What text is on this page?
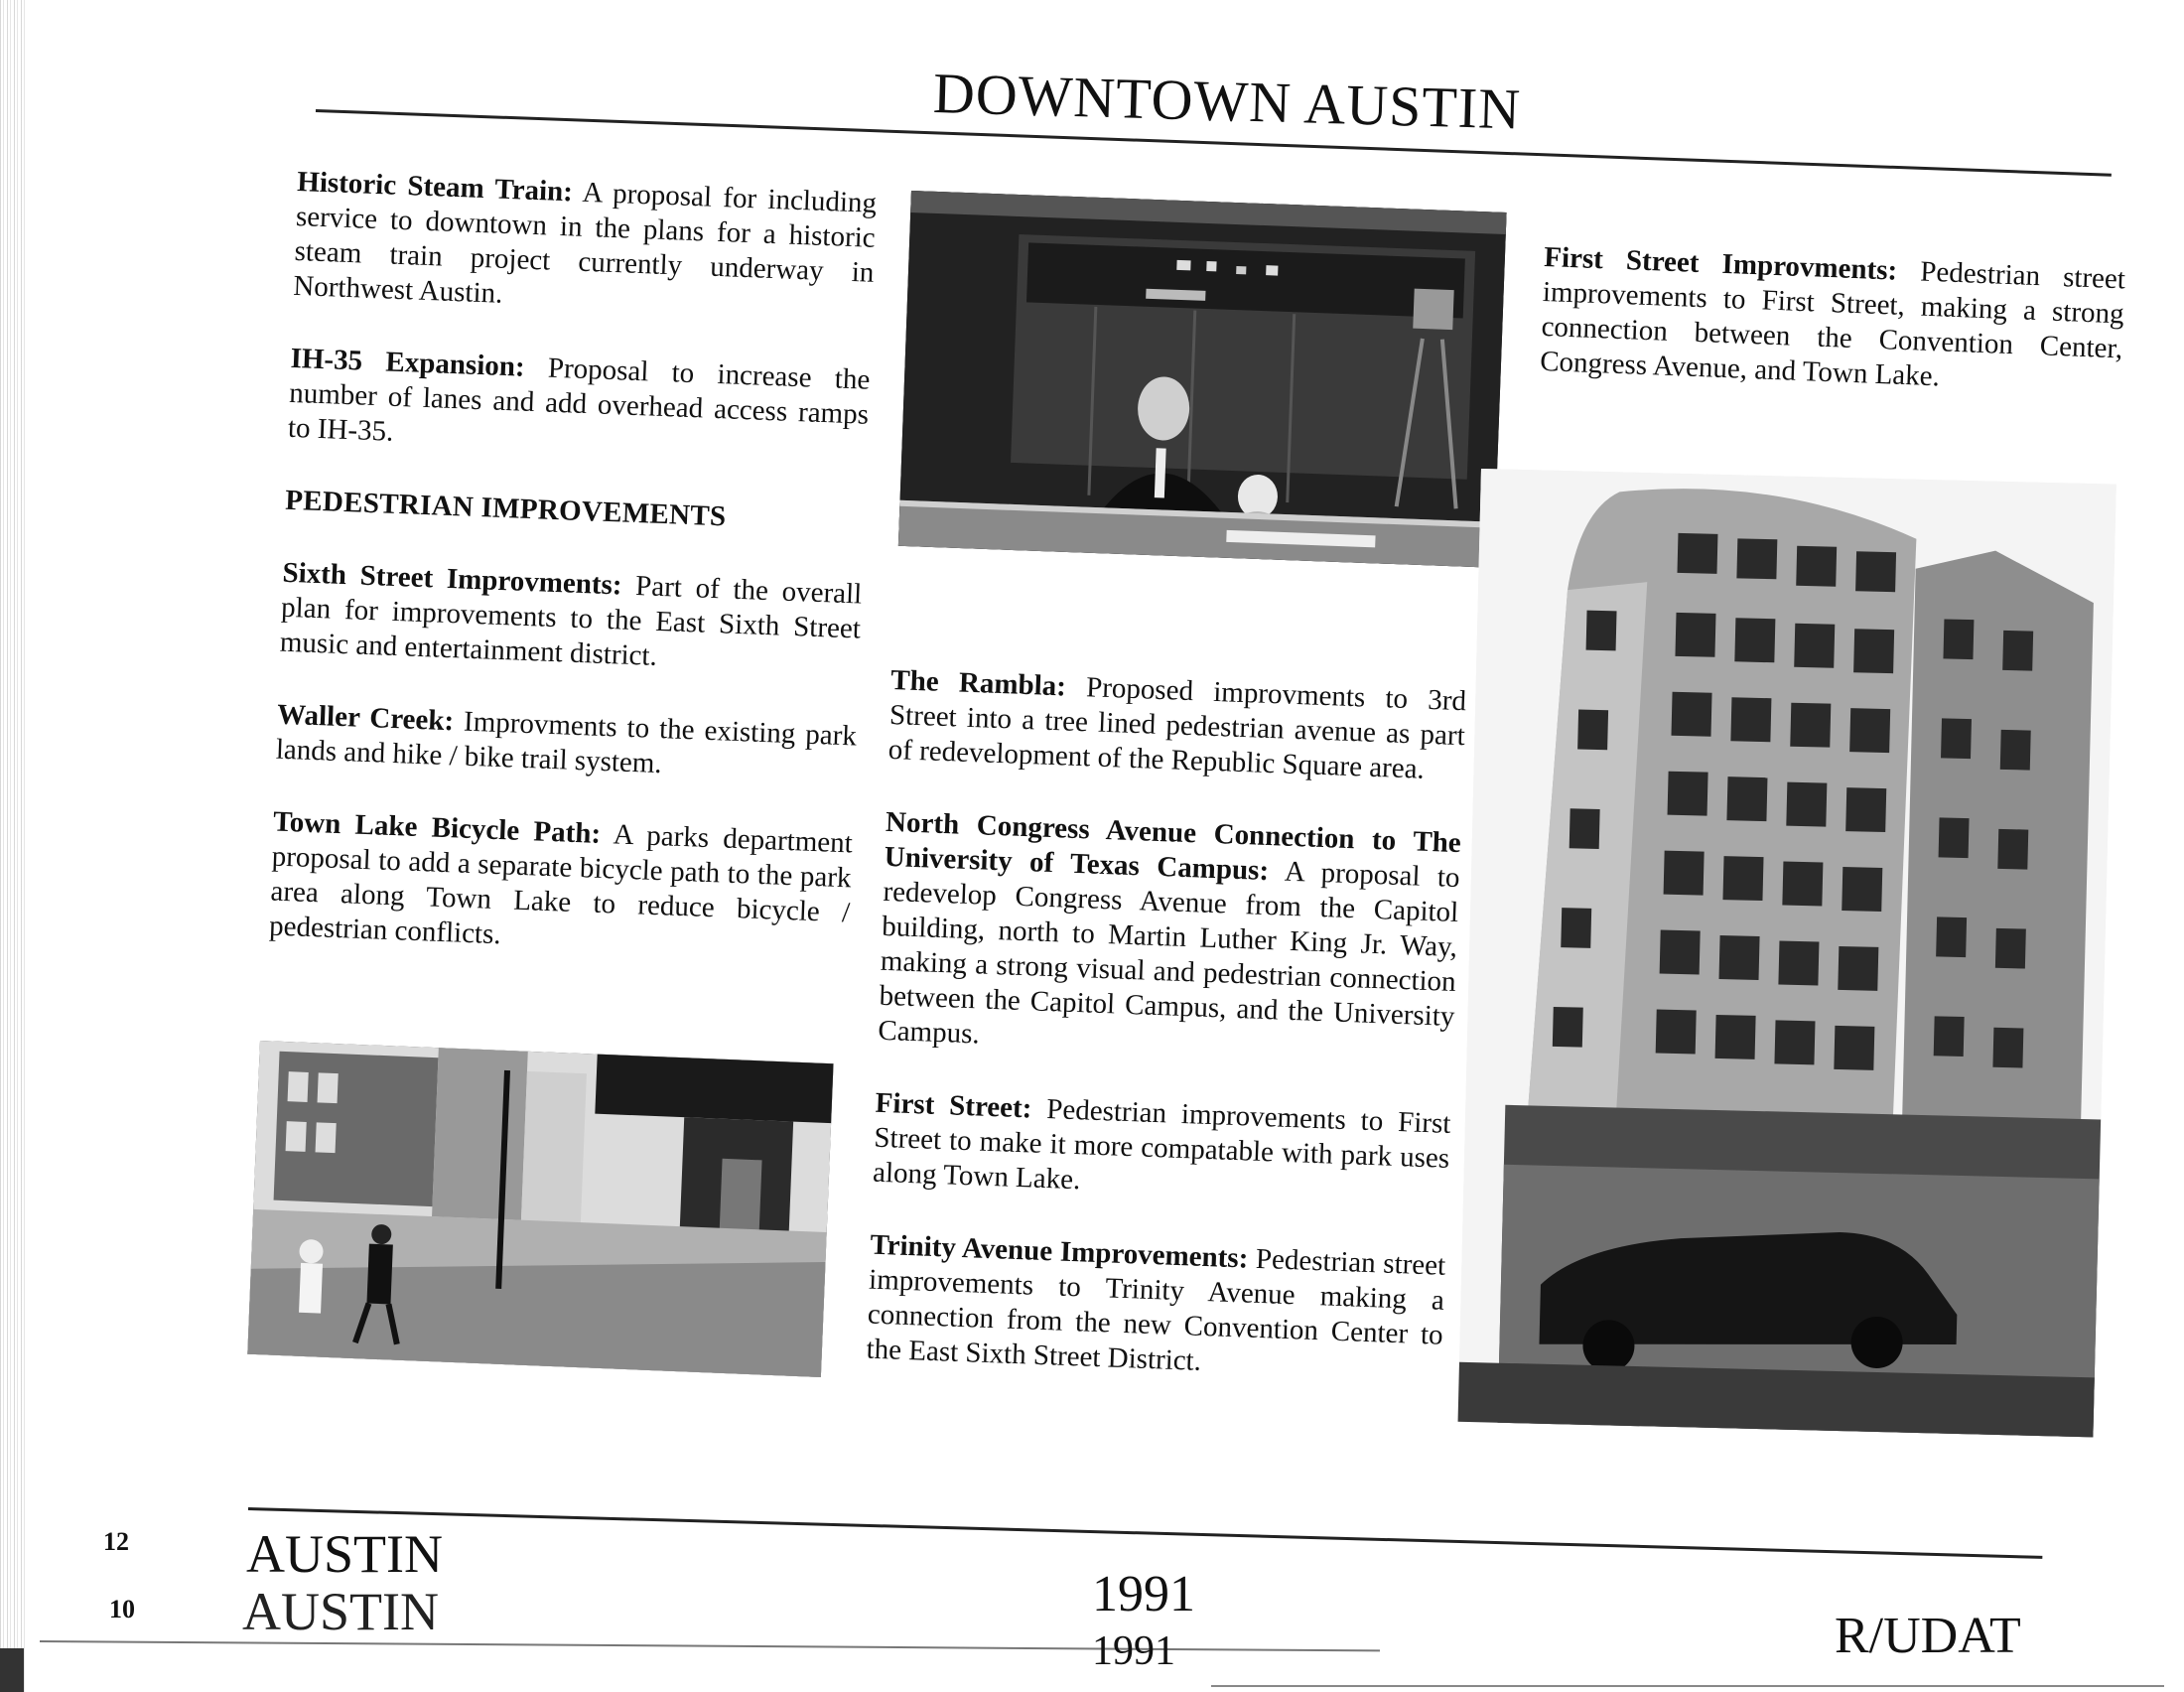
DOWNTOWN AUSTIN

Historic Steam Train: A proposal for including service to downtown in the plans for a historic steam train project currently underway in Northwest Austin.

IH-35 Expansion: Proposal to increase the number of lanes and add overhead access ramps to IH-35.

PEDESTRIAN IMPROVEMENTS

Sixth Street Improvments: Part of the overall plan for improvements to the East Sixth Street music and entertainment district.

Waller Creek: Improvments to the existing park lands and hike / bike trail system.

Town Lake Bicycle Path: A parks department proposal to add a separate bicycle path to the park area along Town Lake to reduce bicycle / pedestrian conflicts.

The Rambla: Proposed improvments to 3rd Street into a tree lined pedestrian avenue as part of redevelopment of the Republic Square area.

North Congress Avenue Connection to The University of Texas Campus: A proposal to redevelop Congress Avenue from the Capitol building, north to Martin Luther King Jr. Way, making a strong visual and pedestrian connection between the Capitol Campus, and the University Campus.

First Street: Pedestrian improvements to First Street to make it more compatable with park uses along Town Lake.

Trinity Avenue Improvements: Pedestrian street improvements to Trinity Avenue making a connection from the new Convention Center to the East Sixth Street District.

First Street Improvments: Pedestrian street improvements to First Street, making a strong connection between the Convention Center, Congress Avenue, and Town Lake.

12 AUSTIN
1991
10 AUSTIN
1991	R/UDAT
